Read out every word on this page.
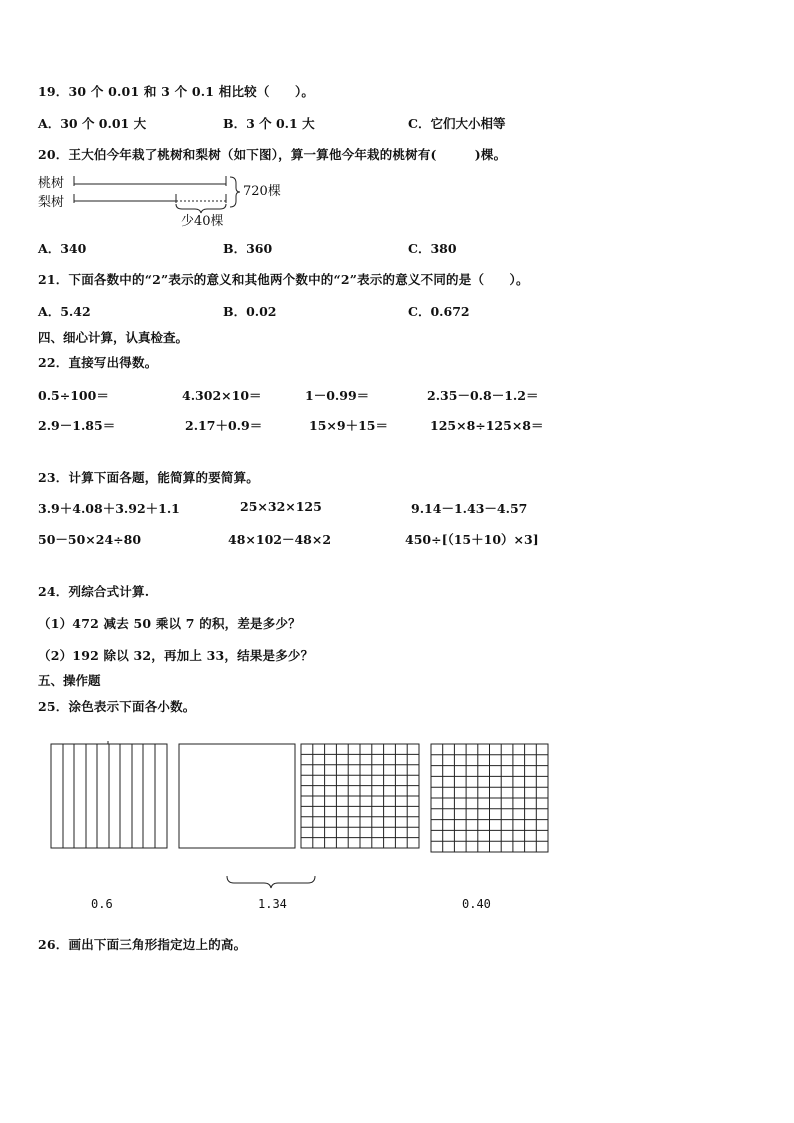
19．30 个 0.01 和 3 个 0.1 相比较（　　）。
A．30 个 0.01 大	B．3 个 0.1 大	C．它们大小相等
20．王大伯今年栽了桃树和梨树（如下图），算一算他今年栽的桃树有(　　　)棵。
桃树
梨树
720棵
少40棵
A．340	B．360	C．380
21．下面各数中的“2”表示的意义和其他两个数中的“2”表示的意义不同的是（　　）。
A．5.42	B．0.02	C．0.672
四、细心计算，认真检查。
22．直接写出得数。
0.5÷100＝	4.302×10＝	1－0.99＝	2.35－0.8－1.2＝
2.9－1.85＝	2.17＋0.9＝	15×9＋15＝	125×8÷125×8＝
23．计算下面各题，能简算的要简算。
3.9＋4.08＋3.92＋1.1	25×32×125	9.14－1.43－4.57
50－50×24÷80	48×102－48×2	450÷[（15＋10）×3]
24．列综合式计算.
（1）472 减去 50 乘以 7 的积，差是多少？
（2）192 除以 32，再加上 33，结果是多少？
五、操作题
25．涂色表示下面各小数。
0.6	1.34	0.40
26．画出下面三角形指定边上的高。
